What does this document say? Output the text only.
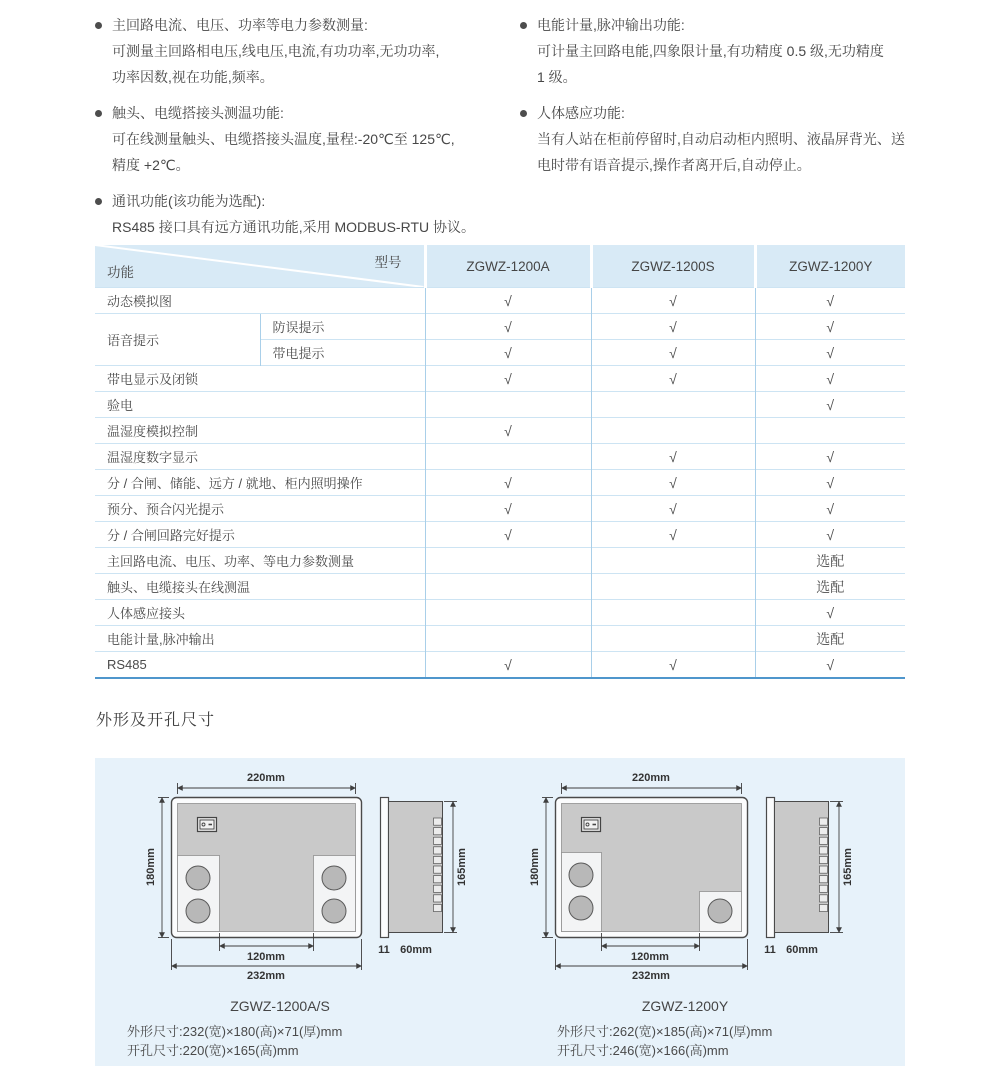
主回路电流、电压、功率等电力参数测量:
可测量主回路相电压,线电压,电流,有功功率,无功功率,
功率因数,视在功能,频率。
触头、电缆搭接头测温功能:
可在线测量触头、电缆搭接头温度,量程:-20℃至 125℃,
精度 +2℃。
通讯功能(该功能为选配):
RS485 接口具有远方通讯功能,采用 MODBUS-RTU 协议。
电能计量,脉冲输出功能:
可计量主回路电能,四象限计量,有功精度 0.5 级,无功精度
1 级。
人体感应功能:
当有人站在柜前停留时,自动启动柜内照明、液晶屏背光、送
电时带有语音提示,操作者离开后,自动停止。
型号
功能		ZGWZ-1200A	ZGWZ-1200S	ZGWZ-1200Y
动态模拟图		√	√	√
语音提示	防误提示	√	√	√
	带电提示	√	√	√
带电显示及闭锁		√	√	√
验电				√
温湿度模拟控制		√		
温湿度数字显示			√	√
分 / 合闸、储能、远方 / 就地、柜内照明操作		√	√	√
预分、预合闪光提示		√	√	√
分 / 合闸回路完好提示		√	√	√
主回路电流、电压、功率、等电力参数测量				选配
触头、电缆接头在线测温				选配
人体感应接头				√
电能计量,脉冲输出				选配
RS485		√	√	√
外形及开孔尺寸
220mm
180mm
120mm
232mm
165mm
11 60mm
220mm
180mm
120mm
232mm
165mm
11 60mm
ZGWZ-1200A/S
外形尺寸:232(宽)×180(高)×71(厚)mm
开孔尺寸:220(宽)×165(高)mm
ZGWZ-1200Y
外形尺寸:262(宽)×185(高)×71(厚)mm
开孔尺寸:246(宽)×166(高)mm
